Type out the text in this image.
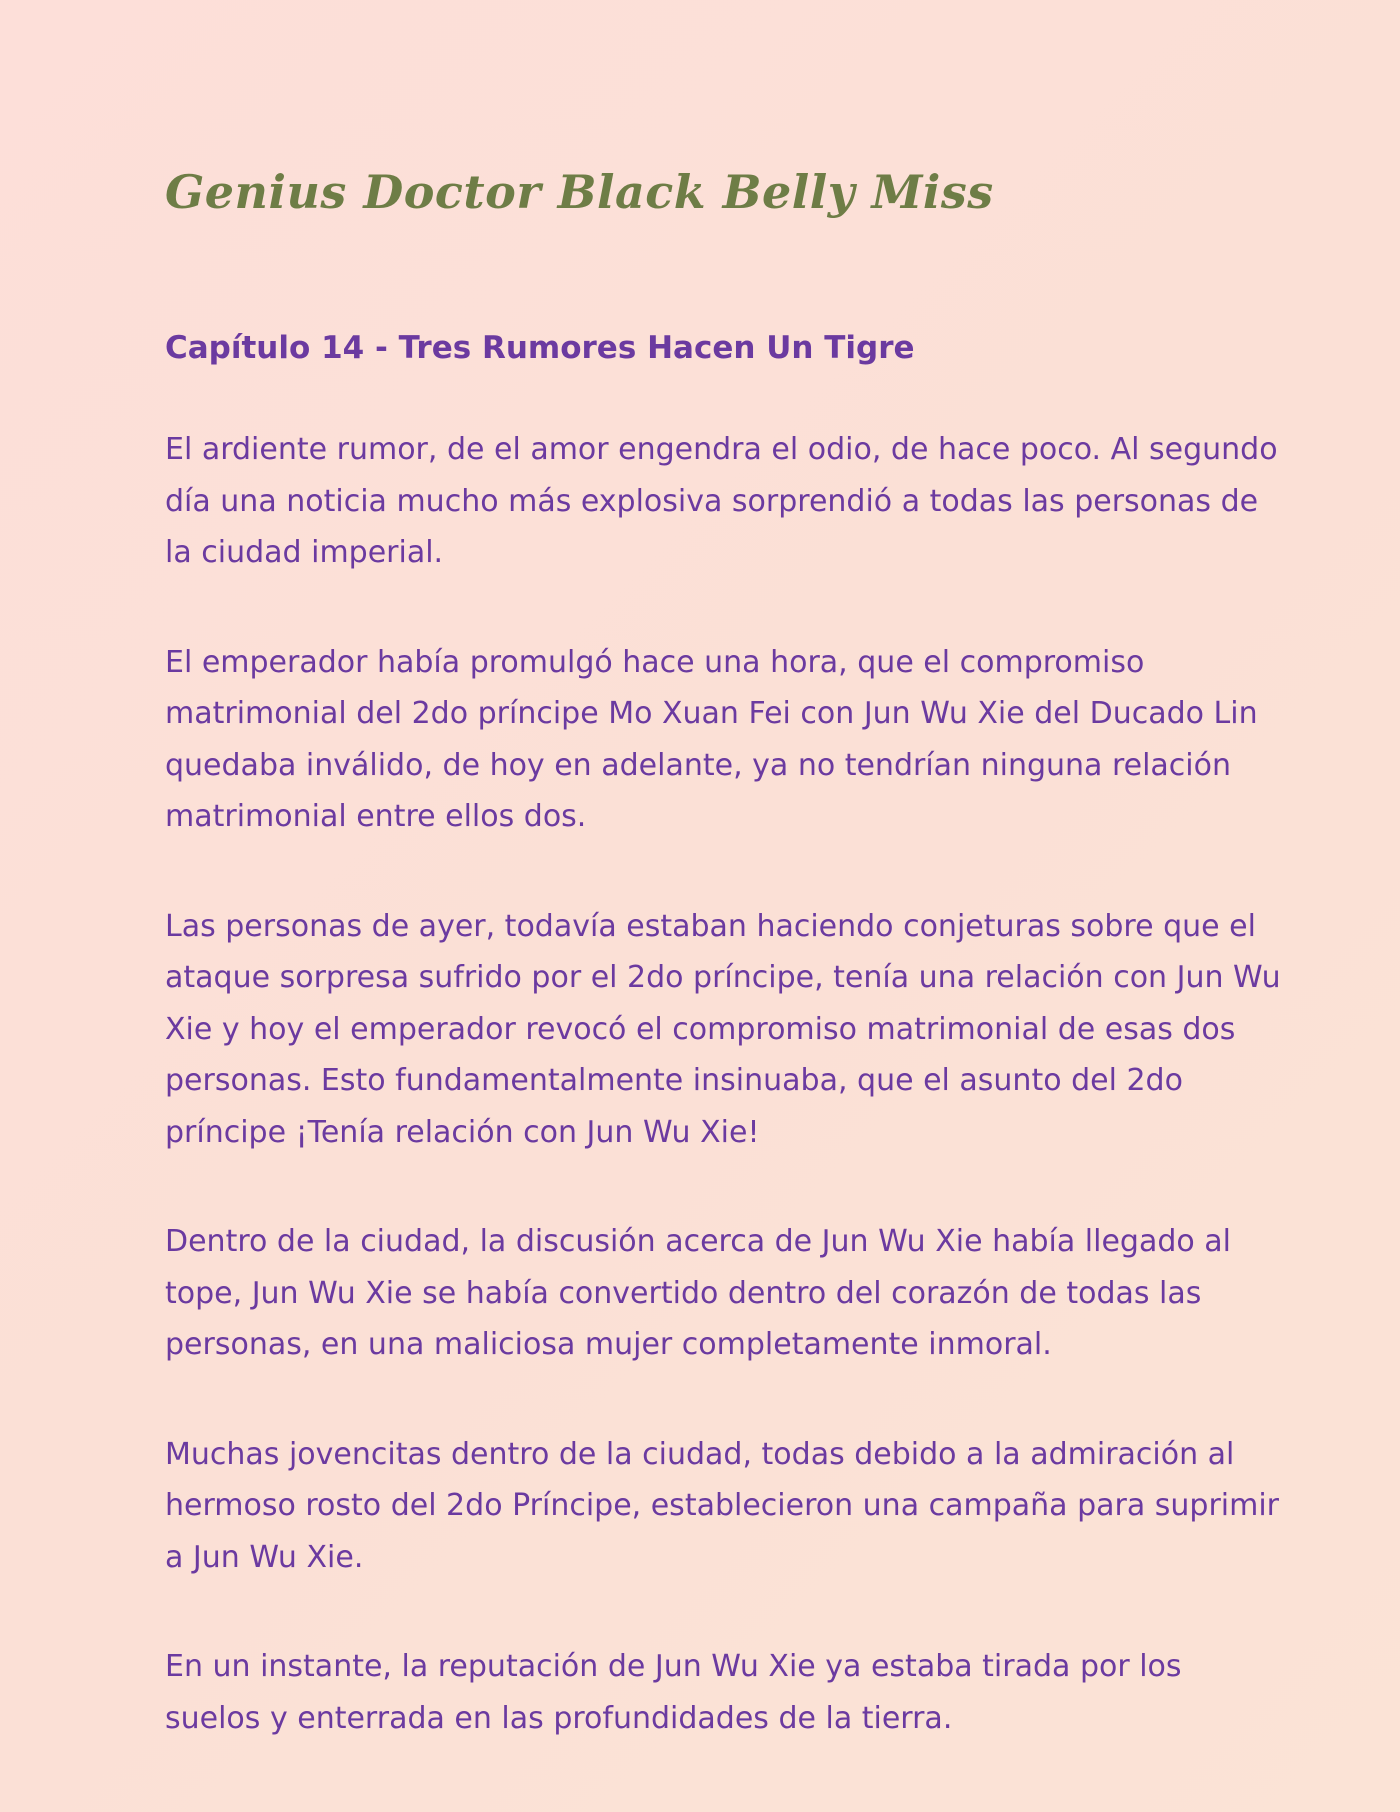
Genius Doctor Black Belly Miss
Capítulo 14 - Tres Rumores Hacen Un Tigre

El ardiente rumor, de el amor engendra el odio, de hace poco. Al segundo día una noticia mucho más explosiva sorprendió a todas las personas de la ciudad imperial.

El emperador había promulgó hace una hora, que el compromiso matrimonial del 2do príncipe Mo Xuan Fei con Jun Wu Xie del Ducado Lin quedaba inválido, de hoy en adelante, ya no tendrían ninguna relación matrimonial entre ellos dos.

Las personas de ayer, todavía estaban haciendo conjeturas sobre que el ataque sorpresa sufrido por el 2do príncipe, tenía una relación con Jun Wu Xie y hoy el emperador revocó el compromiso matrimonial de esas dos personas. Esto fundamentalmente insinuaba, que el asunto del 2do príncipe ¡Tenía relación con Jun Wu Xie!

Dentro de la ciudad, la discusión acerca de Jun Wu Xie había llegado al tope, Jun Wu Xie se había convertido dentro del corazón de todas las personas, en una maliciosa mujer completamente inmoral.

Muchas jovencitas dentro de la ciudad, todas debido a la admiración al hermoso rosto del 2do Príncipe, establecieron una campaña para suprimir a Jun Wu Xie.

En un instante, la reputación de Jun Wu Xie ya estaba tirada por los suelos y enterrada en las profundidades de la tierra.
